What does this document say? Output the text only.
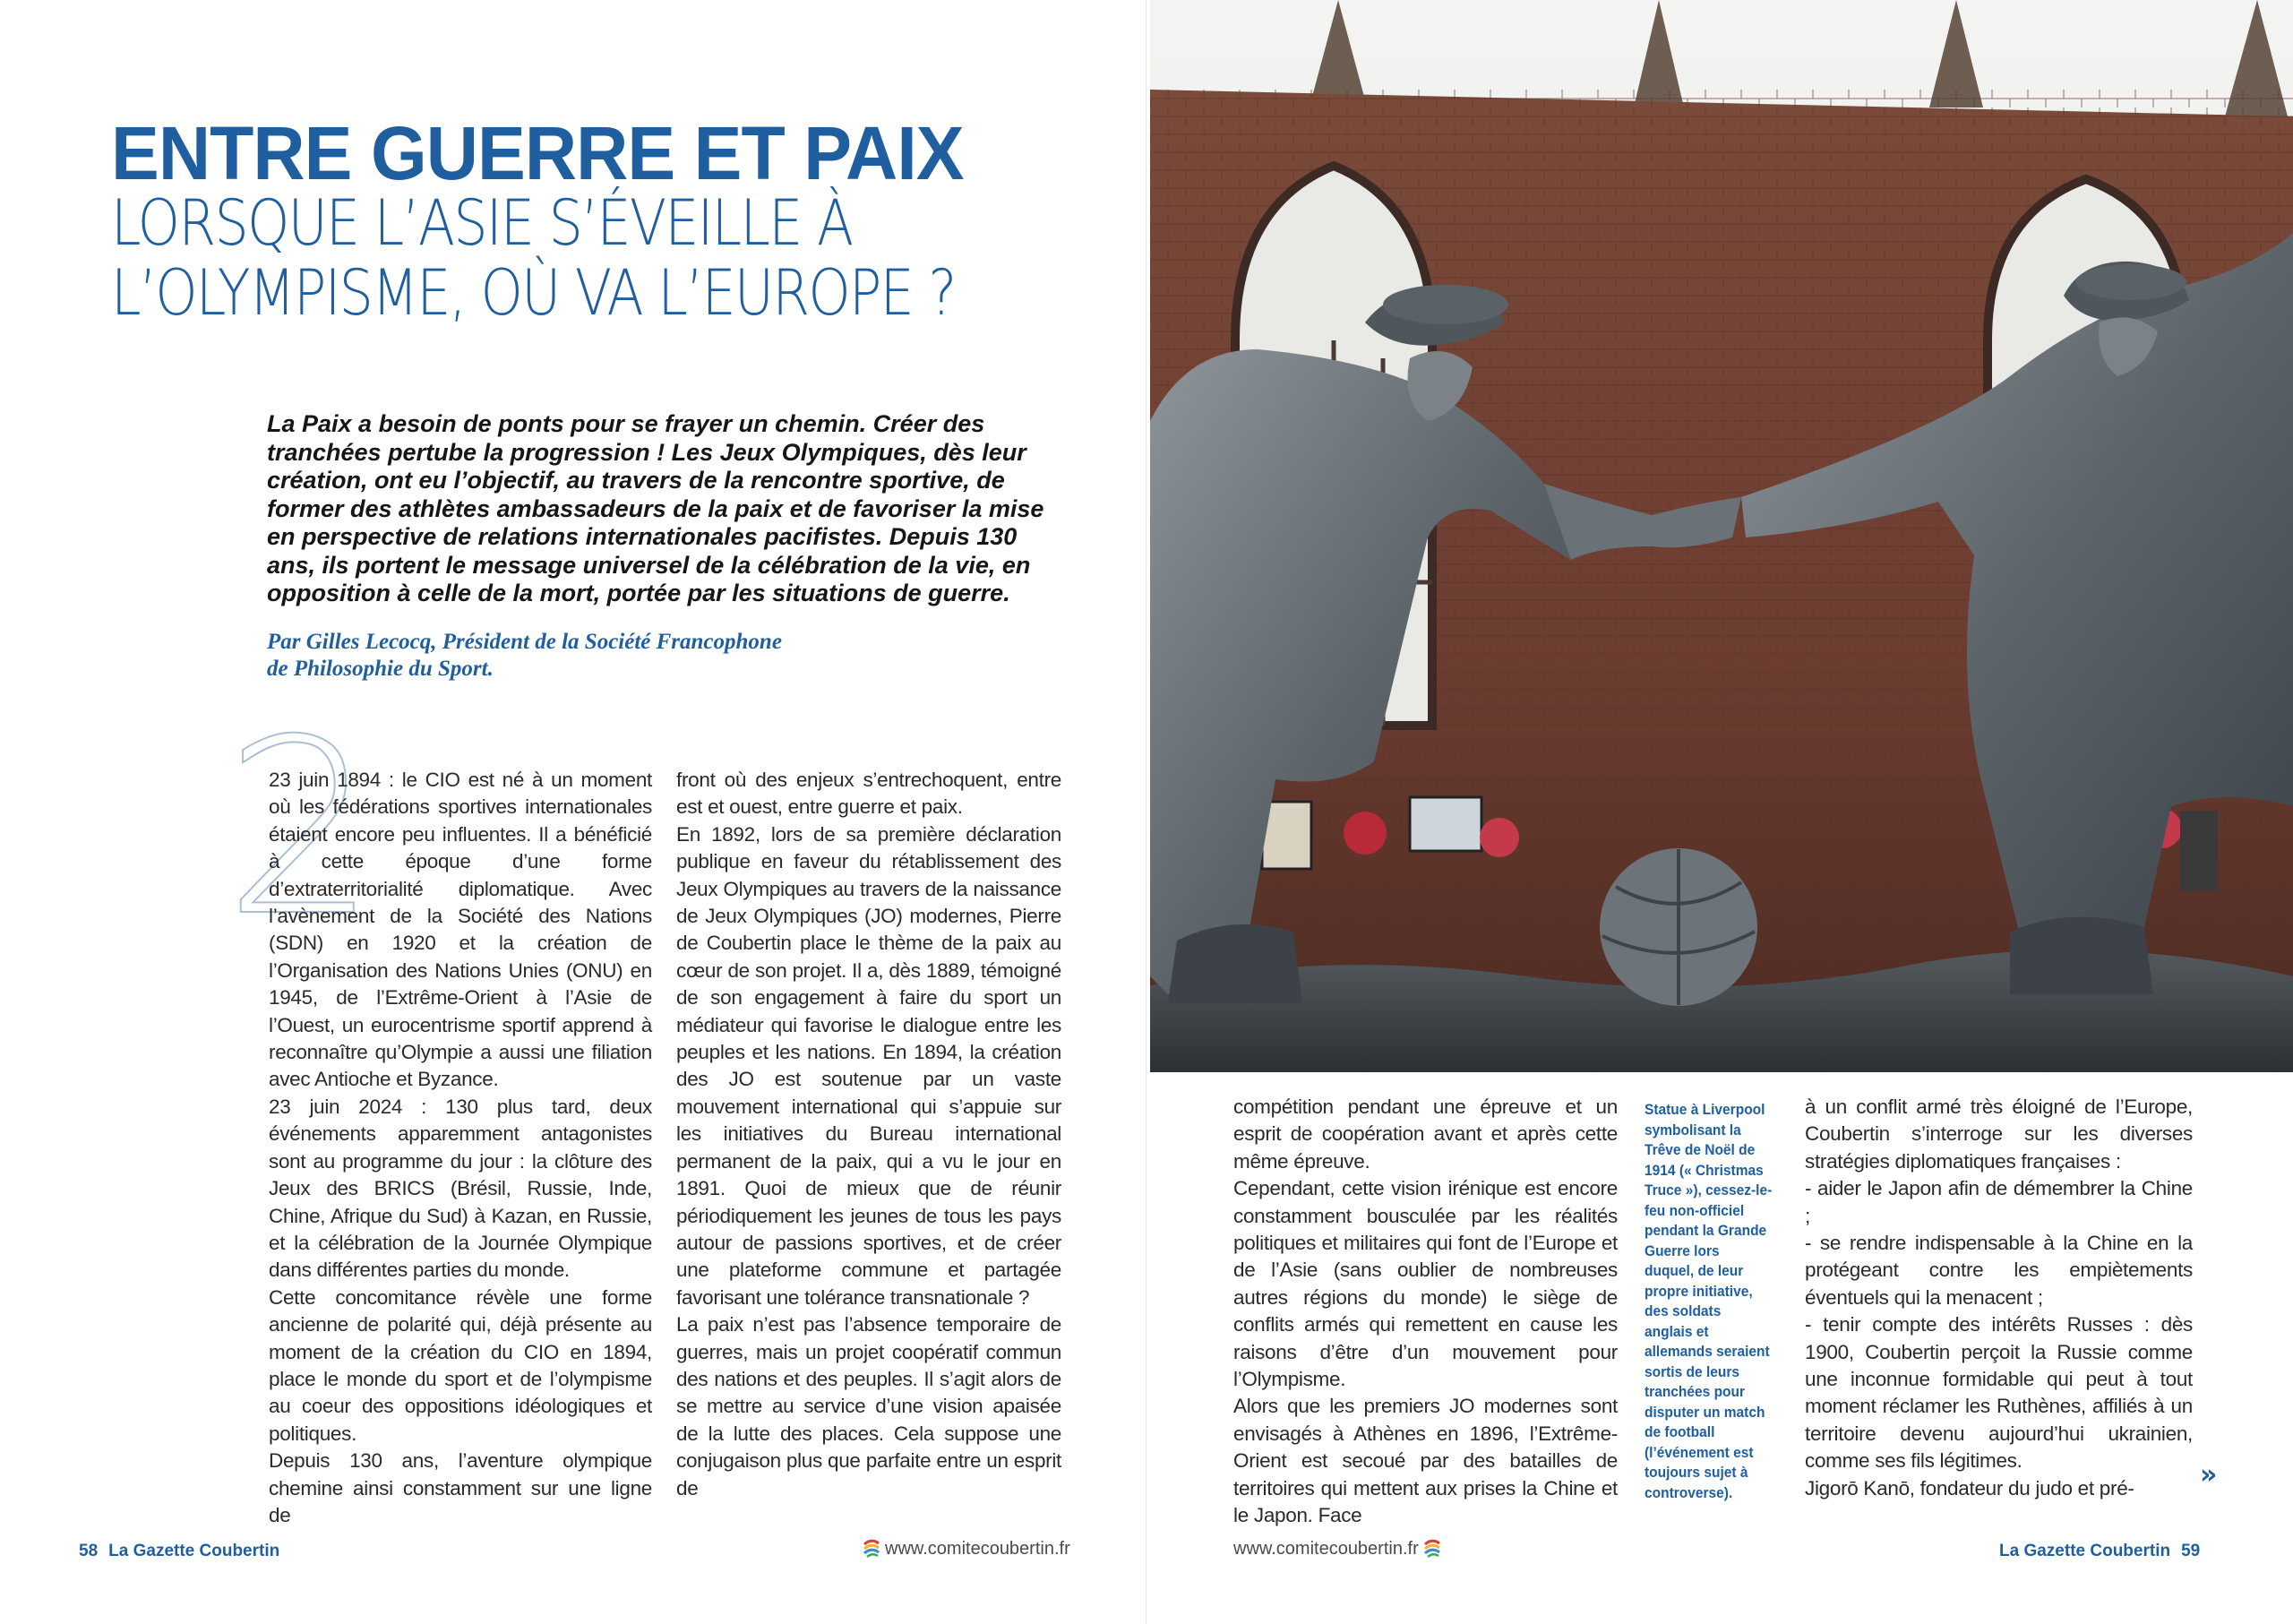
ENTRE GUERRE ET PAIX
LORSQUE L’ASIE S’ÉVEILLE À
L’OLYMPISME, OÙ VA L’EUROPE ?

La Paix a besoin de ponts pour se frayer un chemin. Créer des tranchées pertube la progression ! Les Jeux Olympiques, dès leur création, ont eu l’objectif, au travers de la rencontre sportive, de former des athlètes ambassadeurs de la paix et de favoriser la mise en perspective de relations internationales pacifistes. Depuis 130 ans, ils portent le message universel de la célébration de la vie, en opposition à celle de la mort, portée par les situations de guerre.

Par Gilles Lecocq, Président de la Société Francophone
de Philosophie du Sport.
2

23 juin 1894 : le CIO est né à un moment où les fédérations sportives internationales étaient encore peu influentes. Il a bénéficié à cette époque d’une forme d’extraterritorialité diplomatique. Avec l’avènement de la Société des Nations (SDN) en 1920 et la création de l’Organisation des Nations Unies (ONU) en 1945, de l’Extrême-Orient à l’Asie de l’Ouest, un eurocentrisme sportif apprend à reconnaître qu’Olympie a aussi une filiation avec Antioche et Byzance.

23 juin 2024 : 130 plus tard, deux événements apparemment antagonistes sont au programme du jour : la clôture des Jeux des BRICS (Brésil, Russie, Inde, Chine, Afrique du Sud) à Kazan, en Russie, et la célébration de la Journée Olympique dans différentes parties du monde.

Cette concomitance révèle une forme ancienne de polarité qui, déjà présente au moment de la création du CIO en 1894, place le monde du sport et de l’olympisme au coeur des oppositions idéologiques et politiques.

Depuis 130 ans, l’aventure olympique chemine ainsi constamment sur une ligne de

front où des enjeux s’entrechoquent, entre est et ouest, entre guerre et paix.

En 1892, lors de sa première déclaration publique en faveur du rétablissement des Jeux Olympiques au travers de la naissance de Jeux Olympiques (JO) modernes, Pierre de Coubertin place le thème de la paix au cœur de son projet. Il a, dès 1889, témoigné de son engagement à faire du sport un médiateur qui favorise le dialogue entre les peuples et les nations. En 1894, la création des JO est soutenue par un vaste mouvement international qui s’appuie sur les initiatives du Bureau international permanent de la paix, qui a vu le jour en 1891. Quoi de mieux que de réunir périodiquement les jeunes de tous les pays autour de passions sportives, et de créer une plateforme commune et partagée favorisant une tolérance transnationale ?

La paix n’est pas l’absence temporaire de guerres, mais un projet coopératif commun des nations et des peuples. Il s’agit alors de se mettre au service d’une vision apaisée de la lutte des places. Cela suppose une conjugaison plus que parfaite entre un esprit de

58 La Gazette Coubertin	www.comitecoubertin.fr

compétition pendant une épreuve et un esprit de coopération avant et après cette même épreuve.

Cependant, cette vision irénique est encore constamment bousculée par les réalités politiques et militaires qui font de l’Europe et de l’Asie (sans oublier de nombreuses autres régions du monde) le siège de conflits armés qui remettent en cause les raisons d’être d’un mouvement pour l’Olympisme.

Alors que les premiers JO modernes sont envisagés à Athènes en 1896, l’Extrême-Orient est secoué par des batailles de territoires qui mettent aux prises la Chine et le Japon. Face

Statue à Liverpool symbolisant la Trêve de Noël de 1914 (« Christmas Truce »), cessez-le-feu non-officiel pendant la Grande Guerre lors duquel, de leur propre initiative, des soldats anglais et allemands seraient sortis de leurs tranchées pour disputer un match de football (l’événement est toujours sujet à controverse).

à un conflit armé très éloigné de l’Europe, Coubertin s’interroge sur les diverses stratégies diplomatiques françaises :

- aider le Japon afin de démembrer la Chine ;

- se rendre indispensable à la Chine en la protégeant contre les empiètements éventuels qui la menacent ;

- tenir compte des intérêts Russes : dès 1900, Coubertin perçoit la Russie comme une inconnue formidable qui peut à tout moment réclamer les Ruthènes, affiliés à un territoire devenu aujourd’hui ukrainien, comme ses fils légitimes.

Jigorō Kanō, fondateur du judo et pré-	»
www.comitecoubertin.fr	La Gazette Coubertin 59
